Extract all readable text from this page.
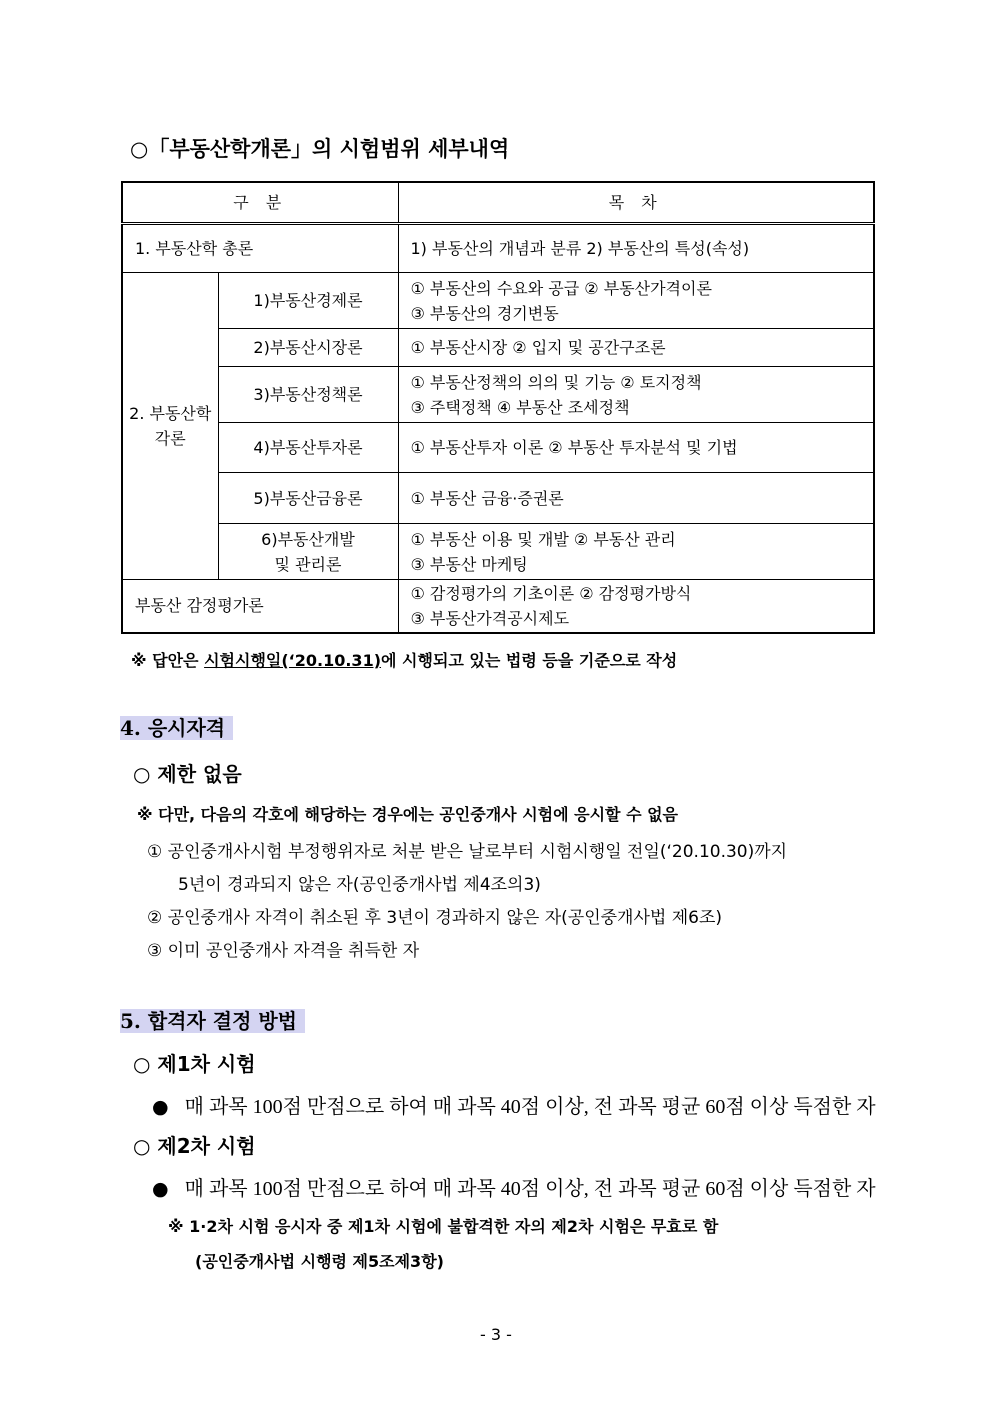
○「부동산학개론」의 시험범위 세부내역
구 분		목 차
1. 부동산학 총론		1) 부동산의 개념과 분류 2) 부동산의 특성(속성)

2. 부동산학
각론	1)부동산경제론	① 부동산의 수요와 공급 ② 부동산가격이론
③ 부동산의 경기변동

	2)부동산시장론	① 부동산시장 ② 입지 및 공간구조론

	3)부동산정책론	① 부동산정책의 의의 및 기능 ② 토지정책
③ 주택정책 ④ 부동산 조세정책

	4)부동산투자론	① 부동산투자 이론 ② 부동산 투자분석 및 기법

	5)부동산금융론	① 부동산 금융·증권론

	6)부동산개발
및 관리론	① 부동산 이용 및 개발 ② 부동산 관리
③ 부동산 마케팅

부동산 감정평가론		① 감정평가의 기초이론 ② 감정평가방식
③ 부동산가격공시제도
※ 답안은 시험시행일(‘20.10.31)에 시행되고 있는 법령 등을 기준으로 작성
4. 응시자격
○ 제한 없음
※ 다만, 다음의 각호에 해당하는 경우에는 공인중개사 시험에 응시할 수 없음
① 공인중개사시험 부정행위자로 처분 받은 날로부터 시험시행일 전일(‘20.10.30)까지
5년이 경과되지 않은 자(공인중개사법 제4조의3)
② 공인중개사 자격이 취소된 후 3년이 경과하지 않은 자(공인중개사법 제6조)
③ 이미 공인중개사 자격을 취득한 자
5. 합격자 결정 방법
○ 제1차 시험
● 매 과목 100점 만점으로 하여 매 과목 40점 이상, 전 과목 평균 60점 이상 득점한 자
○ 제2차 시험
● 매 과목 100점 만점으로 하여 매 과목 40점 이상, 전 과목 평균 60점 이상 득점한 자
※ 1·2차 시험 응시자 중 제1차 시험에 불합격한 자의 제2차 시험은 무효로 함
(공인중개사법 시행령 제5조제3항)
- 3 -
